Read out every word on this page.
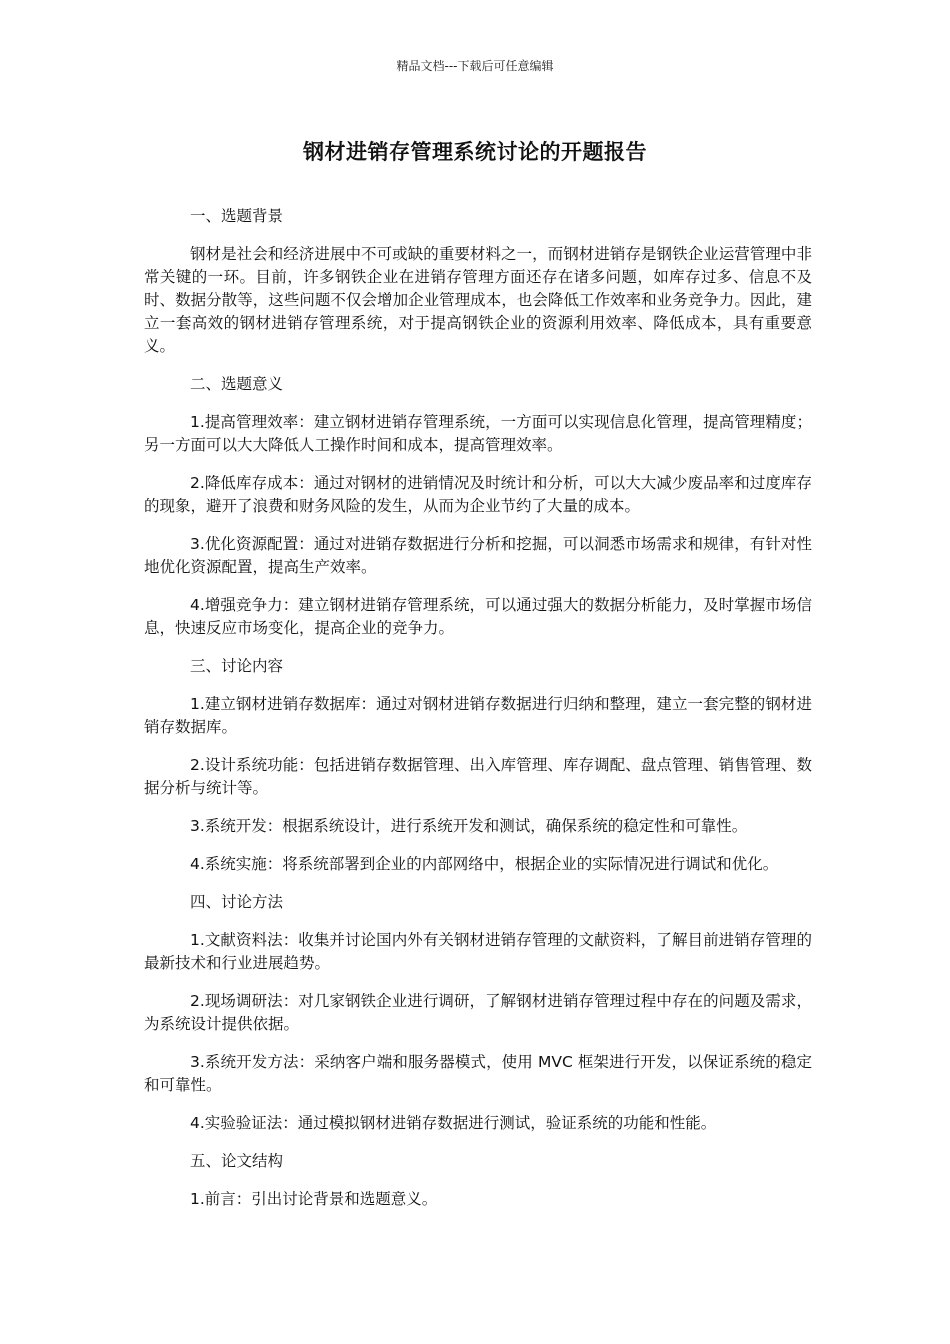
精品文档---下载后可任意编辑
钢材进销存管理系统讨论的开题报告
一、选题背景

钢材是社会和经济进展中不可或缺的重要材料之一，而钢材进销存是钢铁企业运营管理中非常关键的一环。目前，许多钢铁企业在进销存管理方面还存在诸多问题，如库存过多、信息不及时、数据分散等，这些问题不仅会增加企业管理成本，也会降低工作效率和业务竞争力。因此，建立一套高效的钢材进销存管理系统，对于提高钢铁企业的资源利用效率、降低成本，具有重要意义。

二、选题意义

1.提高管理效率：建立钢材进销存管理系统，一方面可以实现信息化管理，提高管理精度；另一方面可以大大降低人工操作时间和成本，提高管理效率。

2.降低库存成本：通过对钢材的进销情况及时统计和分析，可以大大减少废品率和过度库存的现象，避开了浪费和财务风险的发生，从而为企业节约了大量的成本。

3.优化资源配置：通过对进销存数据进行分析和挖掘，可以洞悉市场需求和规律，有针对性地优化资源配置，提高生产效率。

4.增强竞争力：建立钢材进销存管理系统，可以通过强大的数据分析能力，及时掌握市场信息，快速反应市场变化，提高企业的竞争力。

三、讨论内容

1.建立钢材进销存数据库：通过对钢材进销存数据进行归纳和整理，建立一套完整的钢材进销存数据库。

2.设计系统功能：包括进销存数据管理、出入库管理、库存调配、盘点管理、销售管理、数据分析与统计等。

3.系统开发：根据系统设计，进行系统开发和测试，确保系统的稳定性和可靠性。

4.系统实施：将系统部署到企业的内部网络中，根据企业的实际情况进行调试和优化。

四、讨论方法

1.文献资料法：收集并讨论国内外有关钢材进销存管理的文献资料，了解目前进销存管理的最新技术和行业进展趋势。

2.现场调研法：对几家钢铁企业进行调研，了解钢材进销存管理过程中存在的问题及需求，为系统设计提供依据。

3.系统开发方法：采纳客户端和服务器模式，使用 MVC 框架进行开发，以保证系统的稳定和可靠性。

4.实验验证法：通过模拟钢材进销存数据进行测试，验证系统的功能和性能。

五、论文结构

1.前言：引出讨论背景和选题意义。
